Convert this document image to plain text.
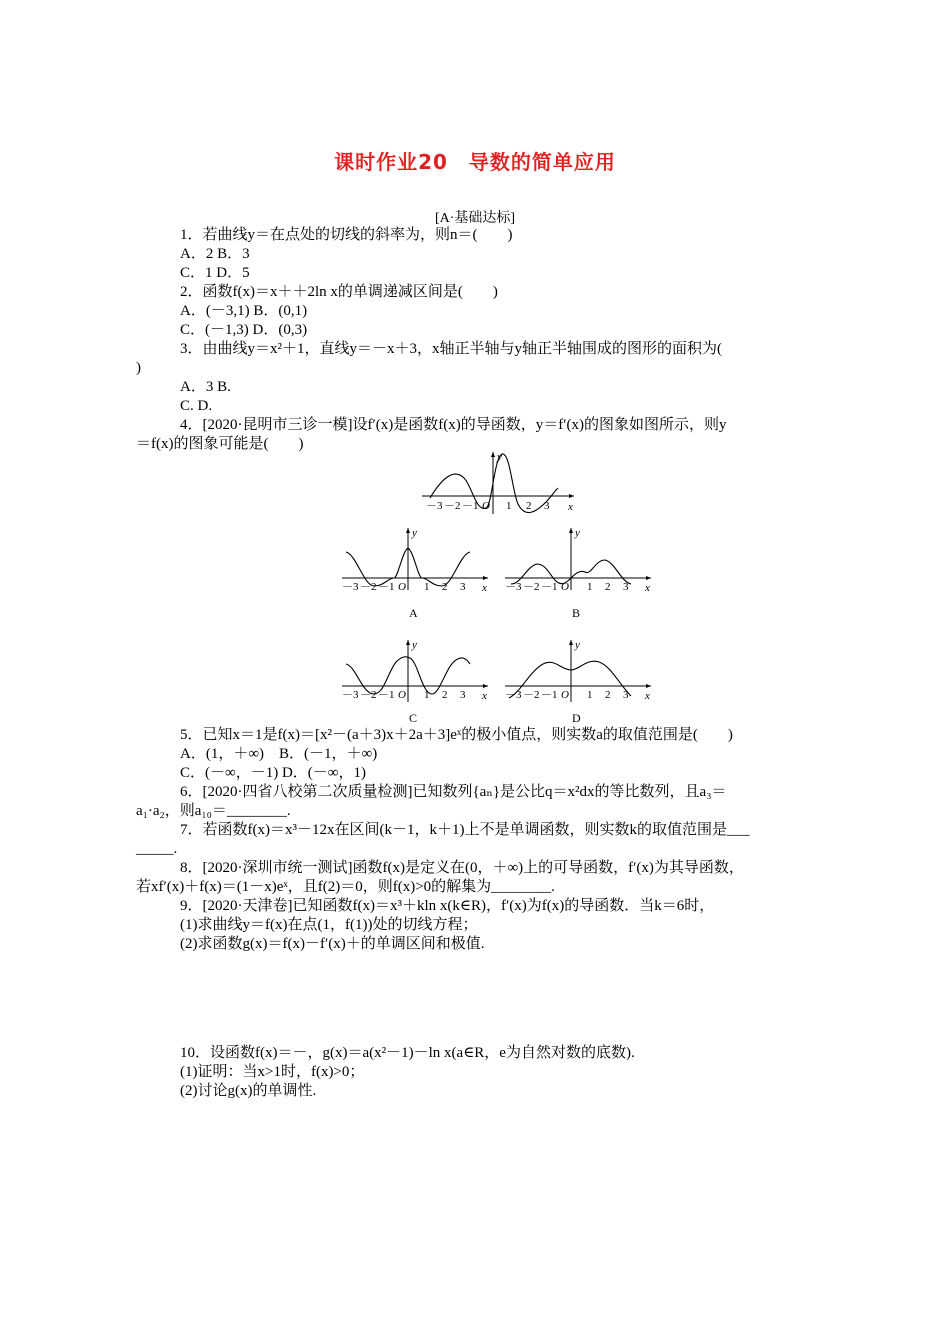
课时作业20　导数的简单应用
[A·基础达标]
1．若曲线y＝在点处的切线的斜率为，则n＝(　　)
A．2 B．3
C．1 D．5
2．函数f(x)＝x＋＋2ln x的单调递减区间是(　　)
A．(－3,1) B．(0,1)
C．(－1,3) D．(0,3)
3．由曲线y＝x²＋1，直线y＝－x＋3，x轴正半轴与y轴正半轴围成的图形的面积为(
)
A．3 B.
C. D.
4．[2020·昆明市三诊一模]设f′(x)是函数f(x)的导函数，y＝f′(x)的图象如图所示，则y
＝f(x)的图象可能是(　　)
y
x
O
－3 －2 －1	1 2 3
y
x
O
－3 －2 －1	1 2 3
A
y
x
O
－3 －2 －1	1 2 3
B
y
x
O
－3 －2 －1	1 2 3
C
y
x
O
－3 －2 －1	1 2 3
D
5．已知x＝1是f(x)＝[x²－(a＋3)x＋2a＋3]eˣ的极小值点，则实数a的取值范围是(　　)
A．(1，＋∞)　B．(－1，＋∞)
C．(－∞，－1) D．(－∞，1)
6．[2020·四省八校第二次质量检测]已知数列{aₙ}是公比q＝x²dx的等比数列，且a₃＝
a₁·a₂，则a₁₀＝________.
7．若函数f(x)＝x³－12x在区间(k－1，k＋1)上不是单调函数，则实数k的取值范围是___
_____.
8．[2020·深圳市统一测试]函数f(x)是定义在(0，＋∞)上的可导函数，f′(x)为其导函数，
若xf′(x)＋f(x)＝(1－x)eˣ，且f(2)＝0，则f(x)>0的解集为________.
9．[2020·天津卷]已知函数f(x)＝x³＋kln x(k∈R)，f′(x)为f(x)的导函数．当k＝6时，
(1)求曲线y＝f(x)在点(1，f(1))处的切线方程；
(2)求函数g(x)＝f(x)－f′(x)＋的单调区间和极值.
10．设函数f(x)＝－，g(x)＝a(x²－1)－ln x(a∈R，e为自然对数的底数).
(1)证明：当x>1时，f(x)>0；
(2)讨论g(x)的单调性.
